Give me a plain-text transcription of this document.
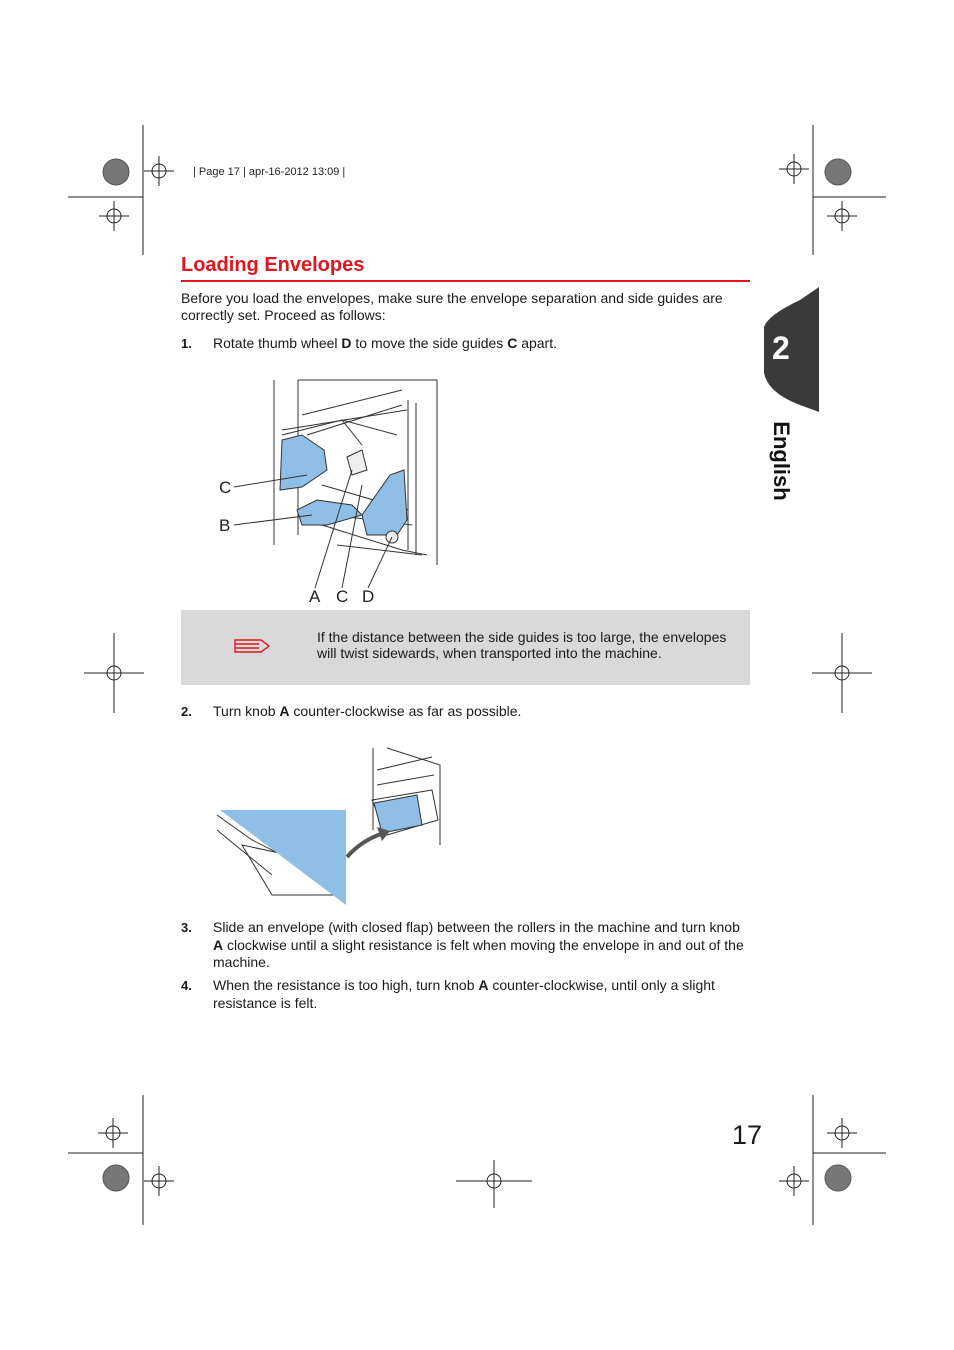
| Page 17 | apr-16-2012 13:09 |
2
English
Loading Envelopes
Before you load the envelopes, make sure the envelope separation and side guides are correctly set. Proceed as follows:
1. Rotate thumb wheel D to move the side guides C apart.
C
B
A C D
If the distance between the side guides is too large, the envelopes will twist sidewards, when transported into the machine.
2. Turn knob A counter-clockwise as far as possible.
3. Slide an envelope (with closed flap) between the rollers in the machine and turn knob A clockwise until a slight resistance is felt when moving the envelope in and out of the machine.
4. When the resistance is too high, turn knob A counter-clockwise, until only a slight resistance is felt.
17
